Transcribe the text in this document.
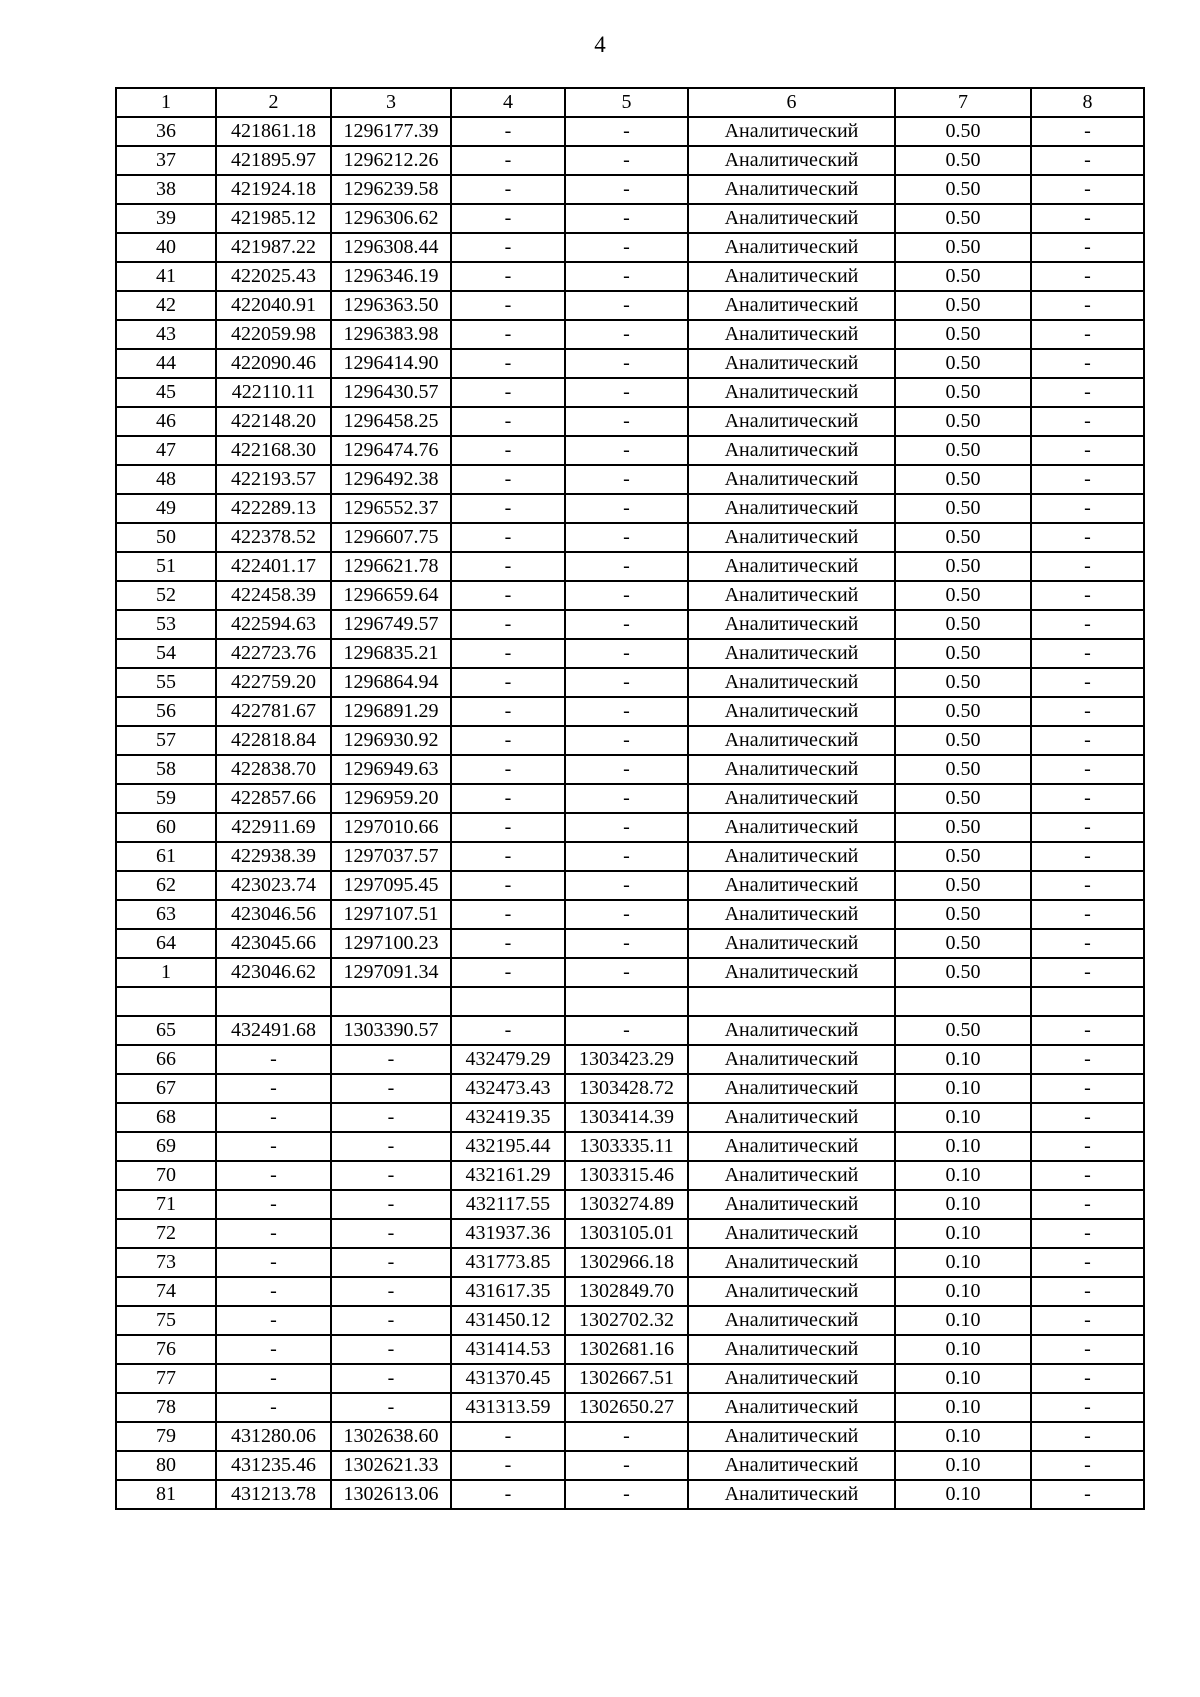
4
1	2	3	4	5	6	7	8
36	421861.18	1296177.39	-	-	Аналитический	0.50	-
37	421895.97	1296212.26	-	-	Аналитический	0.50	-
38	421924.18	1296239.58	-	-	Аналитический	0.50	-
39	421985.12	1296306.62	-	-	Аналитический	0.50	-
40	421987.22	1296308.44	-	-	Аналитический	0.50	-
41	422025.43	1296346.19	-	-	Аналитический	0.50	-
42	422040.91	1296363.50	-	-	Аналитический	0.50	-
43	422059.98	1296383.98	-	-	Аналитический	0.50	-
44	422090.46	1296414.90	-	-	Аналитический	0.50	-
45	422110.11	1296430.57	-	-	Аналитический	0.50	-
46	422148.20	1296458.25	-	-	Аналитический	0.50	-
47	422168.30	1296474.76	-	-	Аналитический	0.50	-
48	422193.57	1296492.38	-	-	Аналитический	0.50	-
49	422289.13	1296552.37	-	-	Аналитический	0.50	-
50	422378.52	1296607.75	-	-	Аналитический	0.50	-
51	422401.17	1296621.78	-	-	Аналитический	0.50	-
52	422458.39	1296659.64	-	-	Аналитический	0.50	-
53	422594.63	1296749.57	-	-	Аналитический	0.50	-
54	422723.76	1296835.21	-	-	Аналитический	0.50	-
55	422759.20	1296864.94	-	-	Аналитический	0.50	-
56	422781.67	1296891.29	-	-	Аналитический	0.50	-
57	422818.84	1296930.92	-	-	Аналитический	0.50	-
58	422838.70	1296949.63	-	-	Аналитический	0.50	-
59	422857.66	1296959.20	-	-	Аналитический	0.50	-
60	422911.69	1297010.66	-	-	Аналитический	0.50	-
61	422938.39	1297037.57	-	-	Аналитический	0.50	-
62	423023.74	1297095.45	-	-	Аналитический	0.50	-
63	423046.56	1297107.51	-	-	Аналитический	0.50	-
64	423045.66	1297100.23	-	-	Аналитический	0.50	-
1	423046.62	1297091.34	-	-	Аналитический	0.50	-

65	432491.68	1303390.57	-	-	Аналитический	0.50	-
66	-	-	432479.29	1303423.29	Аналитический	0.10	-
67	-	-	432473.43	1303428.72	Аналитический	0.10	-
68	-	-	432419.35	1303414.39	Аналитический	0.10	-
69	-	-	432195.44	1303335.11	Аналитический	0.10	-
70	-	-	432161.29	1303315.46	Аналитический	0.10	-
71	-	-	432117.55	1303274.89	Аналитический	0.10	-
72	-	-	431937.36	1303105.01	Аналитический	0.10	-
73	-	-	431773.85	1302966.18	Аналитический	0.10	-
74	-	-	431617.35	1302849.70	Аналитический	0.10	-
75	-	-	431450.12	1302702.32	Аналитический	0.10	-
76	-	-	431414.53	1302681.16	Аналитический	0.10	-
77	-	-	431370.45	1302667.51	Аналитический	0.10	-
78	-	-	431313.59	1302650.27	Аналитический	0.10	-
79	431280.06	1302638.60	-	-	Аналитический	0.10	-
80	431235.46	1302621.33	-	-	Аналитический	0.10	-
81	431213.78	1302613.06	-	-	Аналитический	0.10	-
